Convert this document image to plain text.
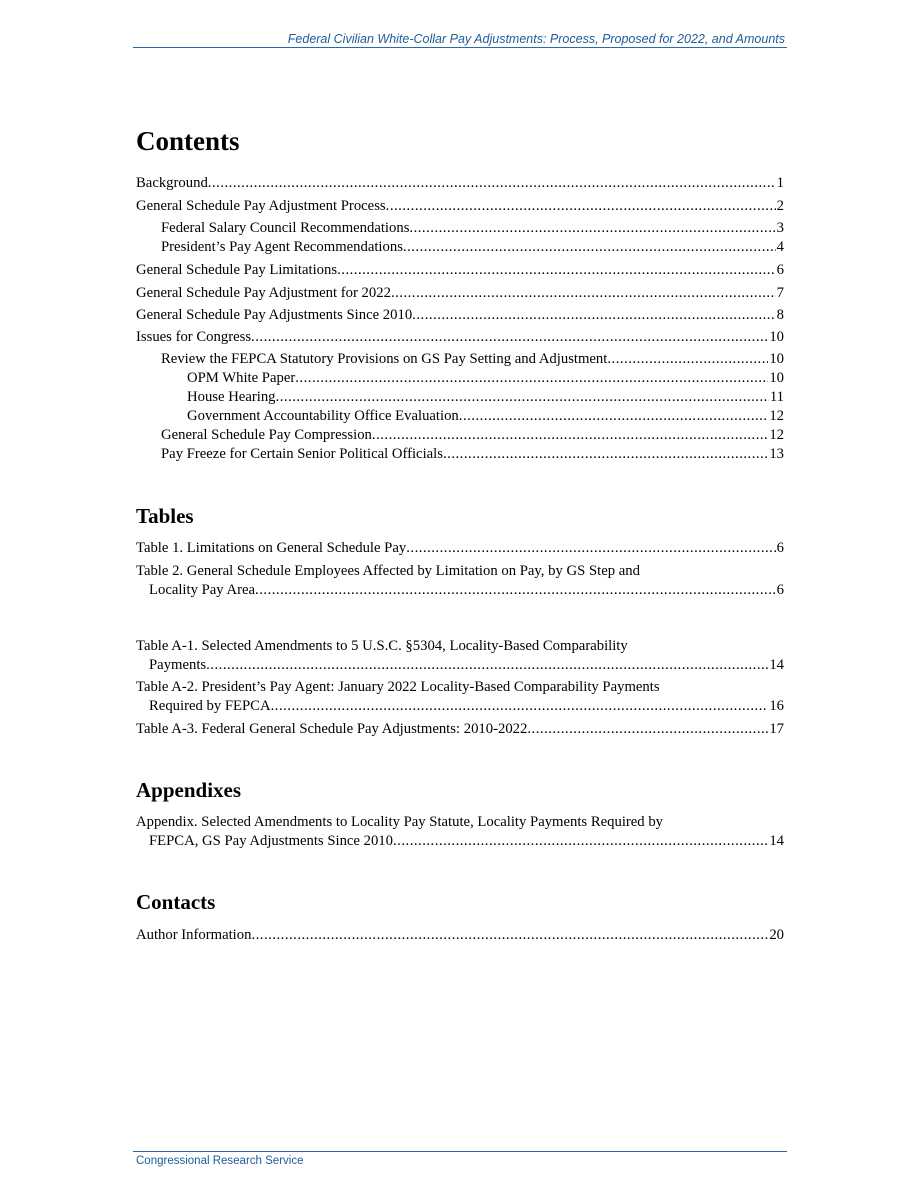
Federal Civilian White-Collar Pay Adjustments: Process, Proposed for 2022, and Amounts
Contents
Background .....	1
General Schedule Pay Adjustment Process .....	2
Federal Salary Council Recommendations .....	3
President’s Pay Agent Recommendations .....	4
General Schedule Pay Limitations .....	6
General Schedule Pay Adjustment for 2022 .....	7
General Schedule Pay Adjustments Since 2010 .....	8
Issues for Congress .....	10
Review the FEPCA Statutory Provisions on GS Pay Setting and Adjustment .....	10
OPM White Paper .....	10
House Hearing .....	11
Government Accountability Office Evaluation .....	12
General Schedule Pay Compression .....	12
Pay Freeze for Certain Senior Political Officials .....	13
Tables
Table 1. Limitations on General Schedule Pay .....	6
Table 2. General Schedule Employees Affected by Limitation on Pay, by GS Step and
Locality Pay Area .....	6
Table A-1. Selected Amendments to 5 U.S.C. §5304, Locality-Based Comparability
Payments .....	14
Table A-2. President’s Pay Agent: January 2022 Locality-Based Comparability Payments
Required by FEPCA .....	16
Table A-3. Federal General Schedule Pay Adjustments: 2010-2022 .....	17
Appendixes
Appendix. Selected Amendments to Locality Pay Statute, Locality Payments Required by
FEPCA, GS Pay Adjustments Since 2010 .....	14
Contacts
Author Information .....	20
Congressional Research Service
